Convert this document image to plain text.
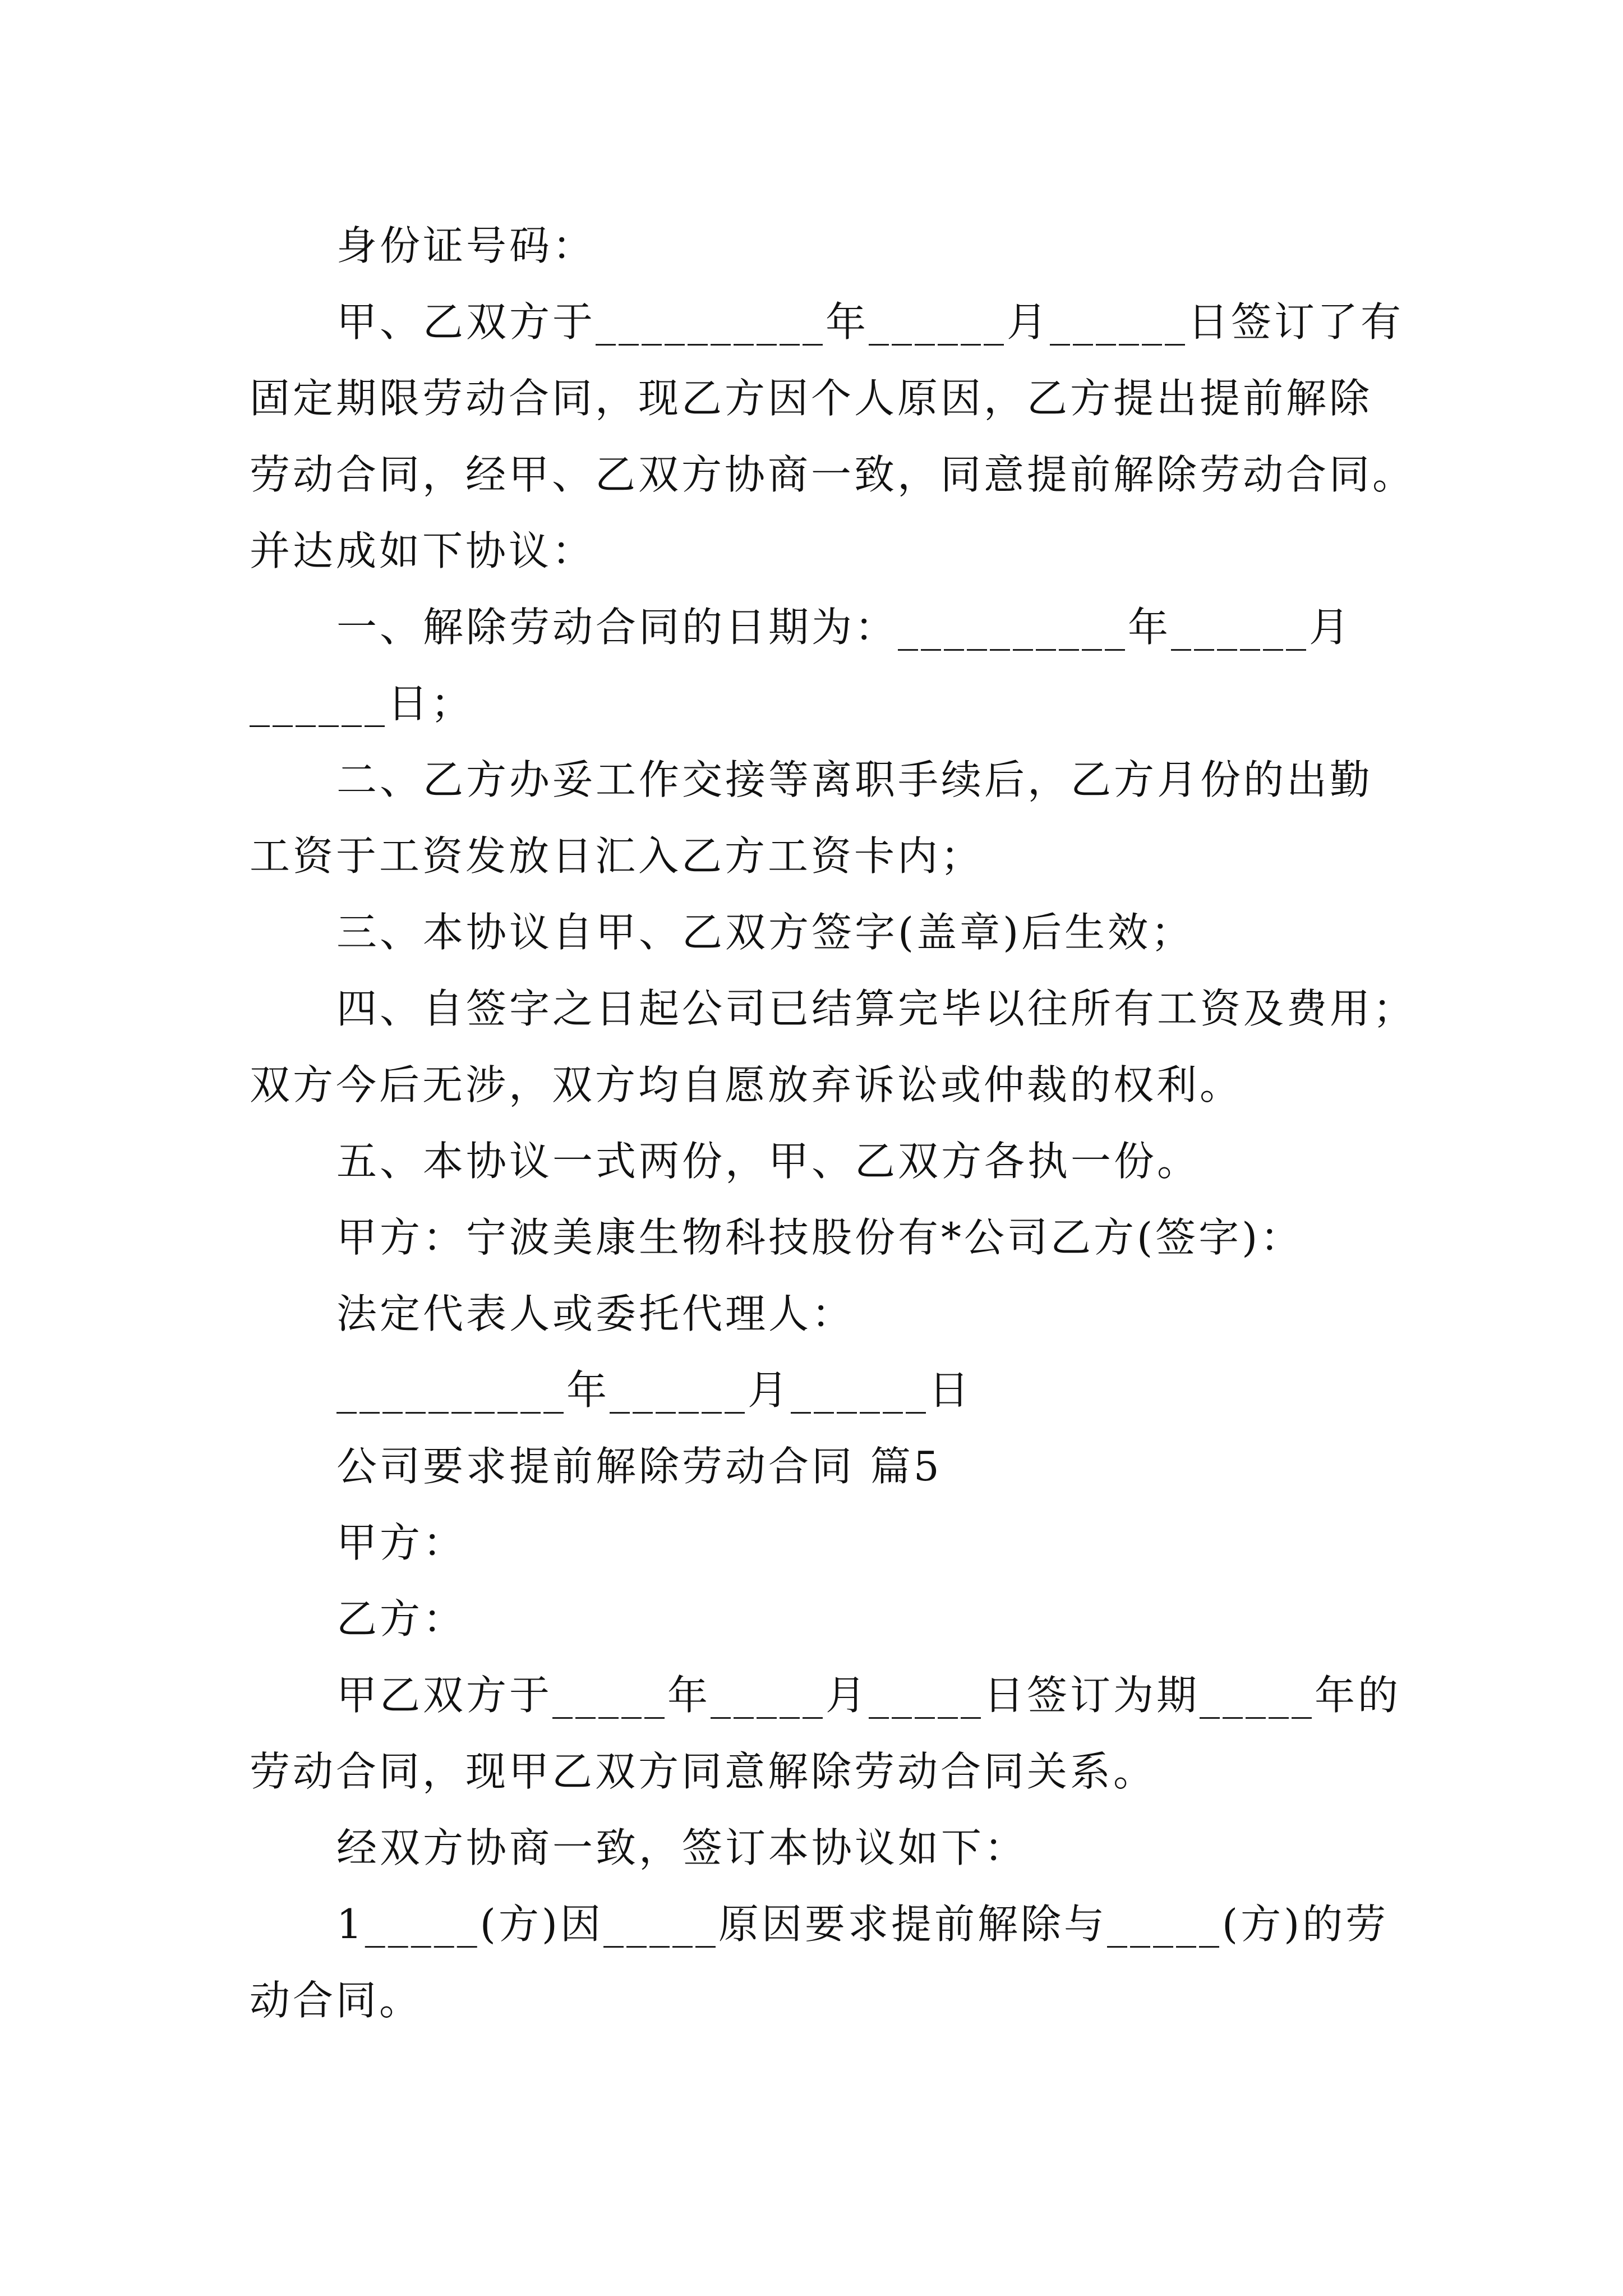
身份证号码：

甲、乙双方于__________年______月______日签订了有

固定期限劳动合同，现乙方因个人原因，乙方提出提前解除

劳动合同，经甲、乙双方协商一致，同意提前解除劳动合同。

并达成如下协议：

一、解除劳动合同的日期为：__________年______月

______日；

二、乙方办妥工作交接等离职手续后，乙方月份的出勤

工资于工资发放日汇入乙方工资卡内；

三、本协议自甲、乙双方签字(盖章)后生效；

四、自签字之日起公司已结算完毕以往所有工资及费用；

双方今后无涉，双方均自愿放弃诉讼或仲裁的权利。

五、本协议一式两份，甲、乙双方各执一份。

甲方：宁波美康生物科技股份有*公司乙方(签字)：

法定代表人或委托代理人：

__________年______月______日

公司要求提前解除劳动合同 篇5

甲方：

乙方：

甲乙双方于_____年_____月_____日签订为期_____年的

劳动合同，现甲乙双方同意解除劳动合同关系。

经双方协商一致，签订本协议如下：

1_____(方)因_____原因要求提前解除与_____(方)的劳

动合同。
